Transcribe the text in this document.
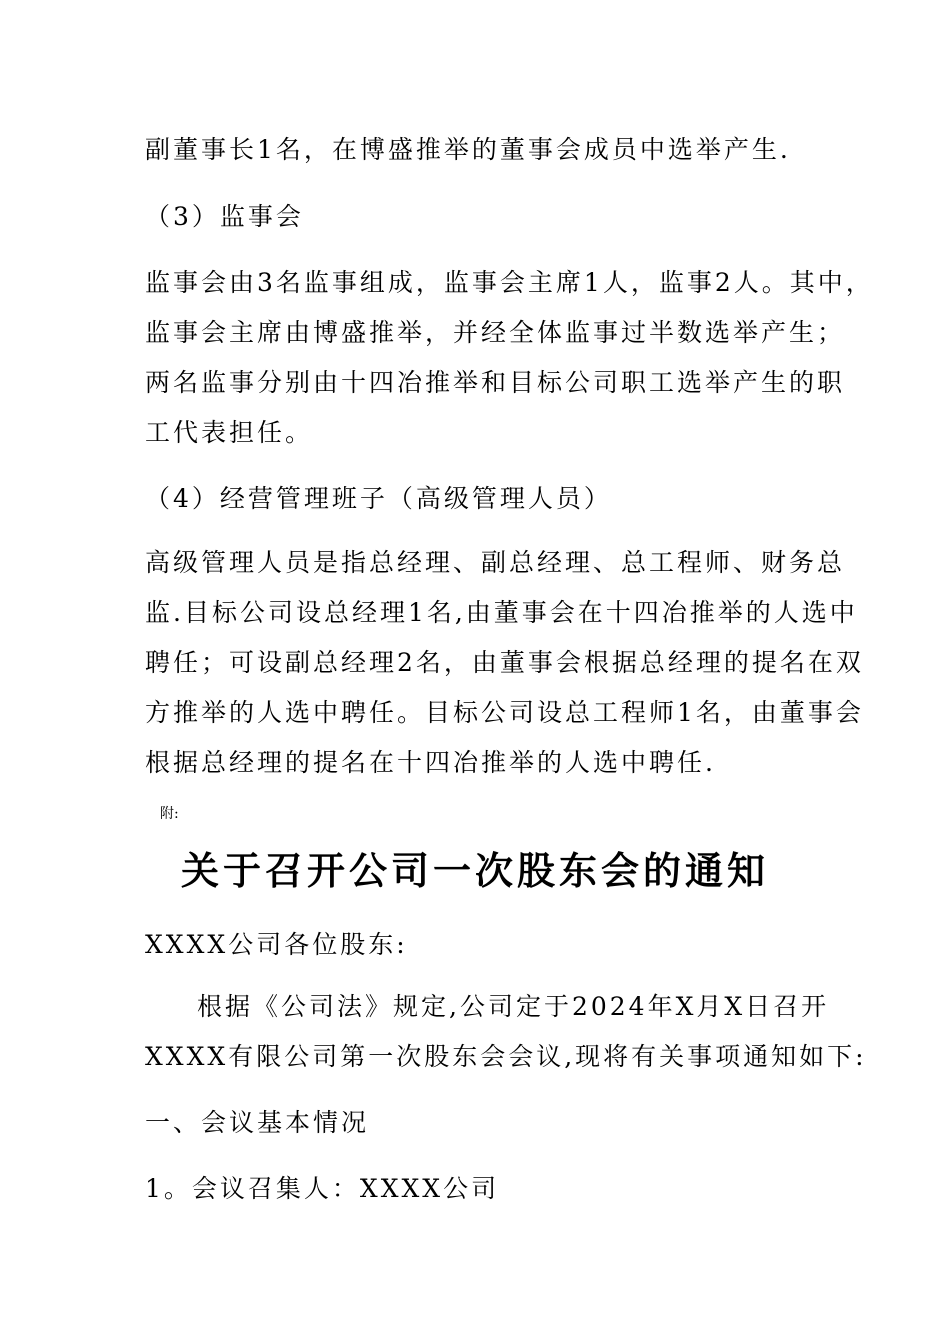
副董事长1名，在博盛推举的董事会成员中选举产生.
（3）监事会
监事会由3名监事组成，监事会主席1人，监事2人。其中，
监事会主席由博盛推举，并经全体监事过半数选举产生；
两名监事分别由十四冶推举和目标公司职工选举产生的职
工代表担任。
（4）经营管理班子（高级管理人员）
高级管理人员是指总经理、副总经理、总工程师、财务总
监.目标公司设总经理1名,由董事会在十四冶推举的人选中
聘任；可设副总经理2名，由董事会根据总经理的提名在双
方推举的人选中聘任。目标公司设总工程师1名，由董事会
根据总经理的提名在十四冶推举的人选中聘任.
附:
关于召开公司一次股东会的通知
XXXX公司各位股东:
根据《公司法》规定,公司定于2024年X月X日召开
XXXX有限公司第一次股东会会议,现将有关事项通知如下:
一、会议基本情况
1。会议召集人：XXXX公司
